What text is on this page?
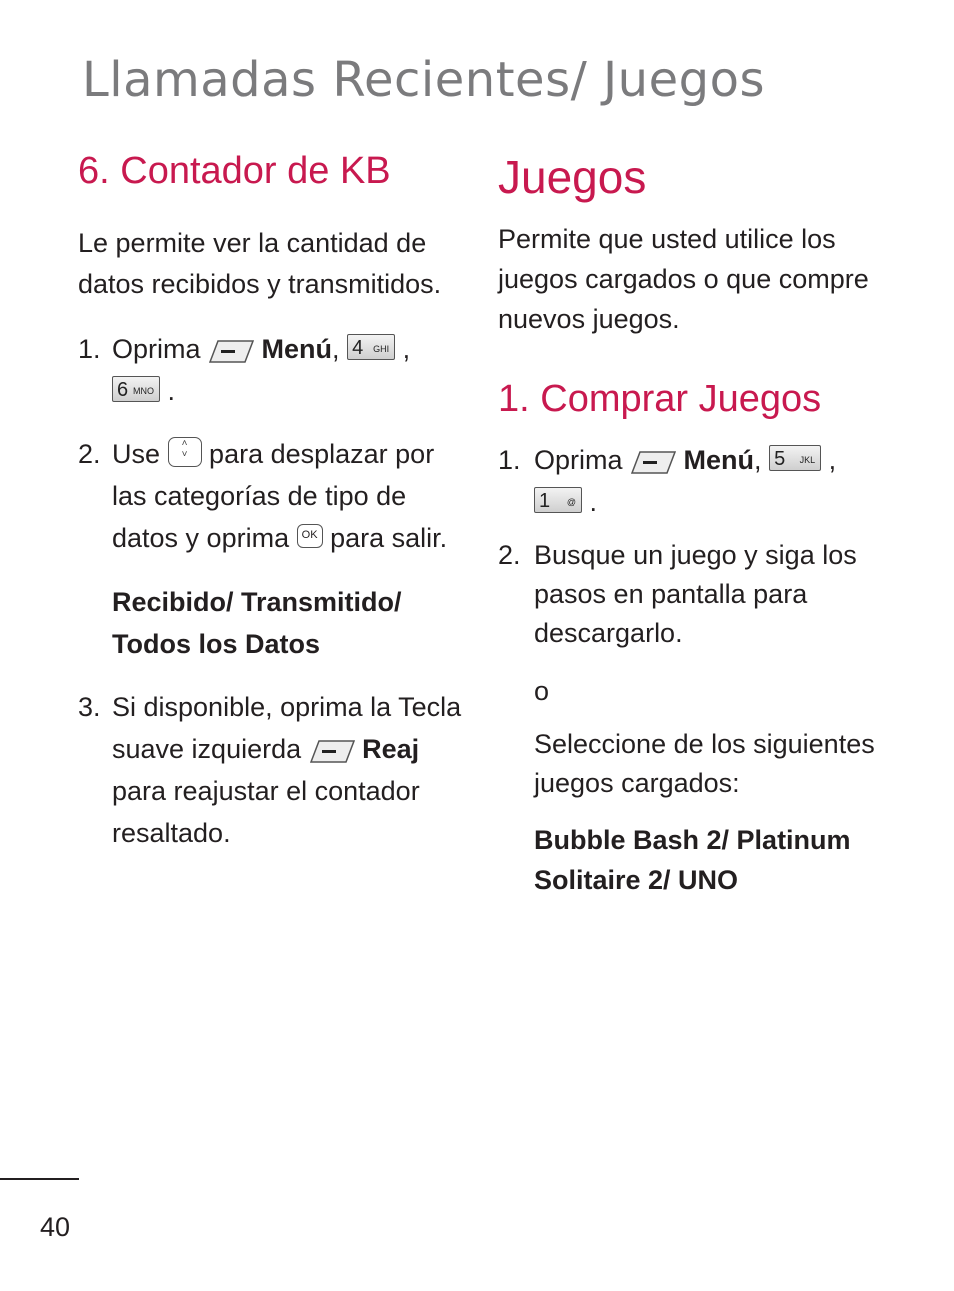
Llamadas Recientes/ Juegos
6. Contador de KB

Le permite ver la cantidad de datos recibidos y transmitidos.

1. Oprima Menú, 4 GHI ,
6 MNO .
2. Use ˄
˅ para desplazar por las categorías de tipo de datos y oprima OK para salir.
Recibido/ Transmitido/ Todos los Datos
3. Si disponible, oprima la Tecla suave izquierda Reaj para reajustar el contador resaltado.
Juegos

Permite que usted utilice los juegos cargados o que compre nuevos juegos.

1. Comprar Juegos
1. Oprima Menú, 5 JKL ,
1 @ .
2. Busque un juego y siga los pasos en pantalla para descargarlo.
o
Seleccione de los siguientes juegos cargados:
Bubble Bash 2/ Platinum Solitaire 2/ UNO
40
